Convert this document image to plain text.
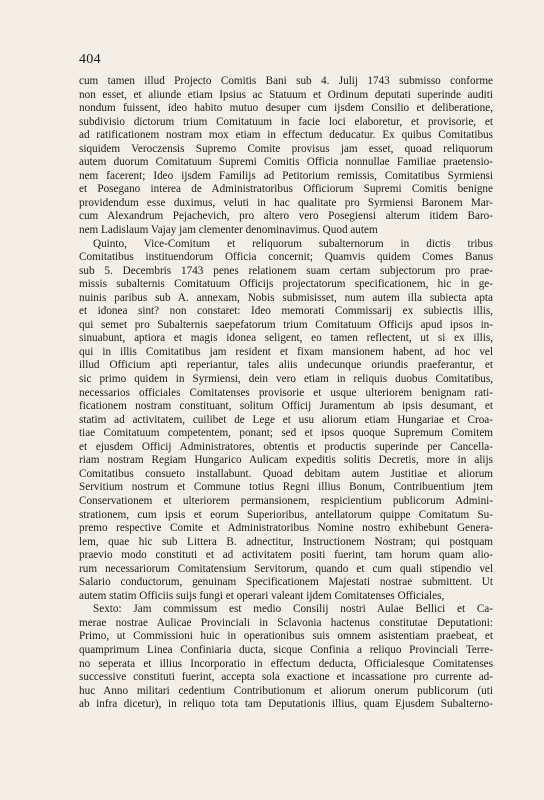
404
cum tamen illud Projecto Comitis Bani sub 4. Julij 1743 submisso conforme
non esset, et aliunde etiam Ipsius ac Statuum et Ordinum deputati superinde auditi
nondum fuissent, ideo habito mutuo desuper cum ijsdem Consilio et deliberatione,
subdivisio dictorum trium Comitatuum in facie loci elaboretur, et provisorie, et
ad ratificationem nostram mox etiam in effectum deducatur. Ex quibus Comitatibus
siquidem Veroczensis Supremo Comite provisus jam esset, quoad reliquorum
autem duorum Comitatuum Supremi Comitis Officia nonnullae Familiae praetensio-
nem facerent; Ideo ijsdem Familijs ad Petitorium remissis, Comitatibus Syrmiensi
et Posegano interea de Administratoribus Officiorum Supremi Comitis benigne
providendum esse duximus, veluti in hac qualitate pro Syrmiensi Baronem Mar-
cum Alexandrum Pejachevich, pro altero vero Posegiensi alterum itidem Baro-
nem Ladislaum Vajay jam clementer denominavimus. Quod autem
Quinto, Vice-Comitum et reliquorum subalternorum in dictis tribus
Comitatibus instituendorum Officia concernit; Quamvis quidem Comes Banus
sub 5. Decembris 1743 penes relationem suam certam subjectorum pro prae-
missis subalternis Comitatuum Officijs projectatorum specificationem, hic in ge-
nuinis paribus sub A. annexam, Nobis submisisset, num autem illa subiecta apta
et idonea sint? non constaret: Ideo memorati Commissarij ex subiectis illis,
qui semet pro Subalternis saepefatorum trium Comitatuum Officijs apud ipsos in-
sinuabunt, aptiora et magis idonea seligent, eo tamen reflectent, ut si ex illis,
qui in illis Comitatibus jam resident et fixam mansionem habent, ad hoc vel
illud Officium apti reperiantur, tales aliis undecunque oriundis praeferantur, et
sic primo quidem in Syrmiensi, dein vero etiam in reliquis duobus Comitatibus,
necessarios officiales Comitatenses provisorie et usque ulteriorem benignam rati-
ficationem nostram constituant, solitum Officij Juramentum ab ipsis desumant, et
statim ad activitatem, cuilibet de Lege et usu aliorum etiam Hungariae et Croa-
tiae Comitatuum competentem, ponant; sed et ipsos quoque Supremum Comitem
et ejusdem Officij Administratores, obtentis et productis superinde per Cancella-
riam nostram Regiam Hungarico Aulicam expeditis solitis Decretis, more in alijs
Comitatibus consueto installabunt. Quoad debitam autem Justitiae et aliorum
Servitium nostrum et Commune totius Regni illius Bonum, Contribuentium jtem
Conservationem et ulteriorem permansionem, respicientium publicorum Admini-
strationem, cum ipsis et eorum Superioribus, antellatorum quippe Comitatum Su-
premo respective Comite et Administratoribus Nomine nostro exhibebunt Genera-
lem, quae hic sub Littera B. adnectitur, Instructionem Nostram; qui postquam
praevio modo constituti et ad activitatem positi fuerint, tam horum quam alio-
rum necessariorum Comitatensium Servitorum, quando et cum quali stipendio vel
Salario conductorum, genuinam Specificationem Majestati nostrae submittent. Ut
autem statim Officiis suijs fungi et operari valeant ijdem Comitatenses Officiales,
Sexto: Jam commissum est medio Consilij nostri Aulae Bellici et Ca-
merae nostrae Aulicae Provinciali in Sclavonia hactenus constitutae Deputationi:
Primo, ut Commissioni huic in operationibus suis omnem asistentiam praebeat, et
quamprimum Linea Confiniaria ducta, sicque Confinia a reliquo Provinciali Terre-
no seperata et illius Incorporatio in effectum deducta, Officialesque Comitatenses
successive constituti fuerint, accepta sola exactione et incassatione pro currente ad-
huc Anno militari cedentium Contributionum et aliorum onerum publicorum (uti
ab infra dicetur), in reliquo tota tam Deputationis illius, quam Ejusdem Subalterno-
